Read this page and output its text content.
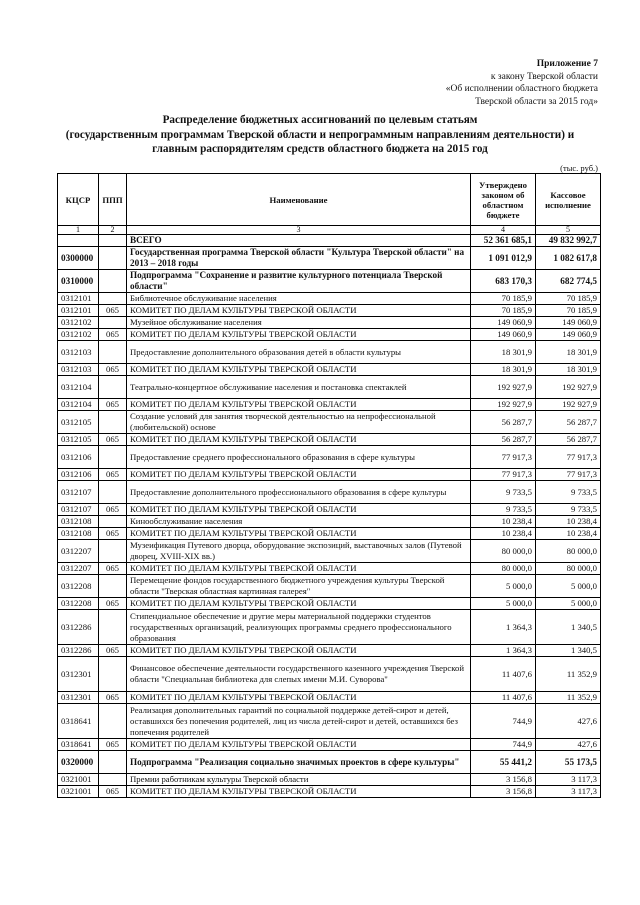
Приложение 7
к закону Тверской области
«Об исполнении областного бюджета
Тверской области за 2015 год»
Распределение бюджетных ассигнований по целевым статьям
(государственным программам Тверской области и непрограммным направлениям деятельности) и
главным распорядителям средств областного бюджета на 2015 год
(тыс. руб.)
КЦСР	ППП	Наименование	Утверждено законом об областном бюджете	Кассовое исполнение
1	2	3	4	5
		ВСЕГО	52 361 685,1	49 832 992,7
0300000		Государственная программа Тверской области "Культура Тверской области" на 2013 – 2018 годы	1 091 012,9	1 082 617,8
0310000		Подпрограмма "Сохранение и развитие культурного потенциала Тверской области"	683 170,3	682 774,5
0312101		Библиотечное обслуживание населения	70 185,9	70 185,9
0312101	065	КОМИТЕТ ПО ДЕЛАМ КУЛЬТУРЫ ТВЕРСКОЙ ОБЛАСТИ	70 185,9	70 185,9
0312102		Музейное обслуживание населения	149 060,9	149 060,9
0312102	065	КОМИТЕТ ПО ДЕЛАМ КУЛЬТУРЫ ТВЕРСКОЙ ОБЛАСТИ	149 060,9	149 060,9
0312103		Предоставление дополнительного образования детей в области культуры	18 301,9	18 301,9
0312103	065	КОМИТЕТ ПО ДЕЛАМ КУЛЬТУРЫ ТВЕРСКОЙ ОБЛАСТИ	18 301,9	18 301,9
0312104		Театрально-концертное обслуживание населения и постановка спектаклей	192 927,9	192 927,9
0312104	065	КОМИТЕТ ПО ДЕЛАМ КУЛЬТУРЫ ТВЕРСКОЙ ОБЛАСТИ	192 927,9	192 927,9
0312105		Создание условий для занятия творческой деятельностью на непрофессиональной (любительской) основе	56 287,7	56 287,7
0312105	065	КОМИТЕТ ПО ДЕЛАМ КУЛЬТУРЫ ТВЕРСКОЙ ОБЛАСТИ	56 287,7	56 287,7
0312106		Предоставление среднего профессионального образования в сфере культуры	77 917,3	77 917,3
0312106	065	КОМИТЕТ ПО ДЕЛАМ КУЛЬТУРЫ ТВЕРСКОЙ ОБЛАСТИ	77 917,3	77 917,3
0312107		Предоставление дополнительного профессионального образования в сфере культуры	9 733,5	9 733,5
0312107	065	КОМИТЕТ ПО ДЕЛАМ КУЛЬТУРЫ ТВЕРСКОЙ ОБЛАСТИ	9 733,5	9 733,5
0312108		Кинообслуживание населения	10 238,4	10 238,4
0312108	065	КОМИТЕТ ПО ДЕЛАМ КУЛЬТУРЫ ТВЕРСКОЙ ОБЛАСТИ	10 238,4	10 238,4
0312207		Музеификация Путевого дворца, оборудование экспозиций, выставочных залов (Путевой дворец, XVIII-XIX вв.)	80 000,0	80 000,0
0312207	065	КОМИТЕТ ПО ДЕЛАМ КУЛЬТУРЫ ТВЕРСКОЙ ОБЛАСТИ	80 000,0	80 000,0
0312208		Перемещение фондов государственного бюджетного учреждения культуры Тверской области "Тверская областная картинная галерея"	5 000,0	5 000,0
0312208	065	КОМИТЕТ ПО ДЕЛАМ КУЛЬТУРЫ ТВЕРСКОЙ ОБЛАСТИ	5 000,0	5 000,0
0312286		Стипендиальное обеспечение и другие меры материальной поддержки студентов государственных организаций, реализующих программы среднего профессионального образования	1 364,3	1 340,5
0312286	065	КОМИТЕТ ПО ДЕЛАМ КУЛЬТУРЫ ТВЕРСКОЙ ОБЛАСТИ	1 364,3	1 340,5
0312301		Финансовое обеспечение деятельности государственного казенного учреждения Тверской области "Специальная библиотека для слепых имени М.И. Суворова"	11 407,6	11 352,9
0312301	065	КОМИТЕТ ПО ДЕЛАМ КУЛЬТУРЫ ТВЕРСКОЙ ОБЛАСТИ	11 407,6	11 352,9
0318641		Реализация дополнительных гарантий по социальной поддержке детей-сирот и детей, оставшихся без попечения родителей, лиц из числа детей-сирот и детей, оставшихся без попечения родителей	744,9	427,6
0318641	065	КОМИТЕТ ПО ДЕЛАМ КУЛЬТУРЫ ТВЕРСКОЙ ОБЛАСТИ	744,9	427,6
0320000		Подпрограмма "Реализация социально значимых проектов в сфере культуры"	55 441,2	55 173,5
0321001		Премии работникам культуры Тверской области	3 156,8	3 117,3
0321001	065	КОМИТЕТ ПО ДЕЛАМ КУЛЬТУРЫ ТВЕРСКОЙ ОБЛАСТИ	3 156,8	3 117,3
